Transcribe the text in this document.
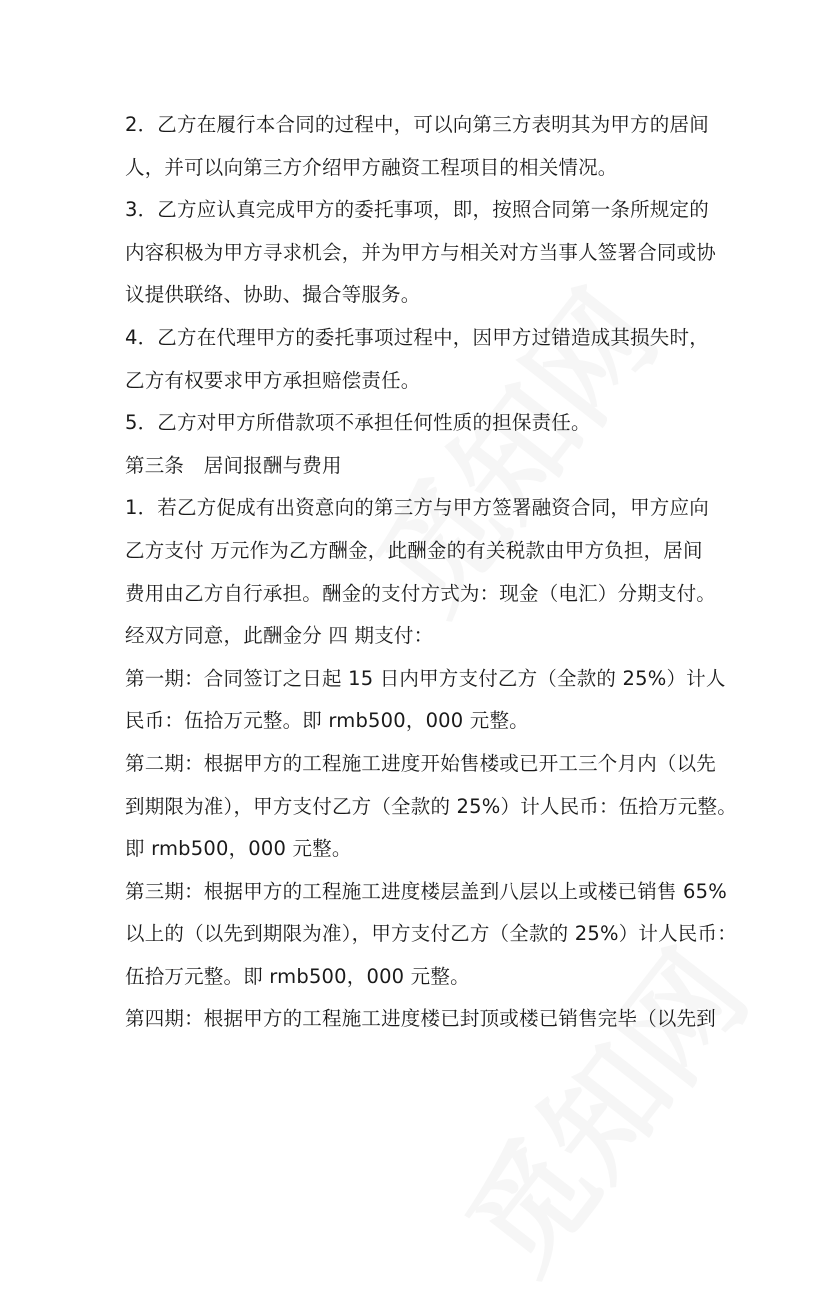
2．乙方在履行本合同的过程中，可以向第三方表明其为甲方的居间
人，并可以向第三方介绍甲方融资工程项目的相关情况。
3．乙方应认真完成甲方的委托事项，即，按照合同第一条所规定的
内容积极为甲方寻求机会，并为甲方与相关对方当事人签署合同或协
议提供联络、协助、撮合等服务。
4．乙方在代理甲方的委托事项过程中，因甲方过错造成其损失时，
乙方有权要求甲方承担赔偿责任。
5．乙方对甲方所借款项不承担任何性质的担保责任。
第三条　居间报酬与费用
1．若乙方促成有出资意向的第三方与甲方签署融资合同，甲方应向
乙方支付 万元作为乙方酬金，此酬金的有关税款由甲方负担，居间
费用由乙方自行承担。酬金的支付方式为：现金（电汇）分期支付。
经双方同意，此酬金分 四 期支付：
第一期：合同签订之日起 15 日内甲方支付乙方（全款的 25%）计人
民币：伍拾万元整。即 rmb500，000 元整。
第二期：根据甲方的工程施工进度开始售楼或已开工三个月内（以先
到期限为准），甲方支付乙方（全款的 25%）计人民币：伍拾万元整。
即 rmb500，000 元整。
第三期：根据甲方的工程施工进度楼层盖到八层以上或楼已销售 65%
以上的（以先到期限为准），甲方支付乙方（全款的 25%）计人民币：
伍拾万元整。即 rmb500，000 元整。
第四期：根据甲方的工程施工进度楼已封顶或楼已销售完毕（以先到
